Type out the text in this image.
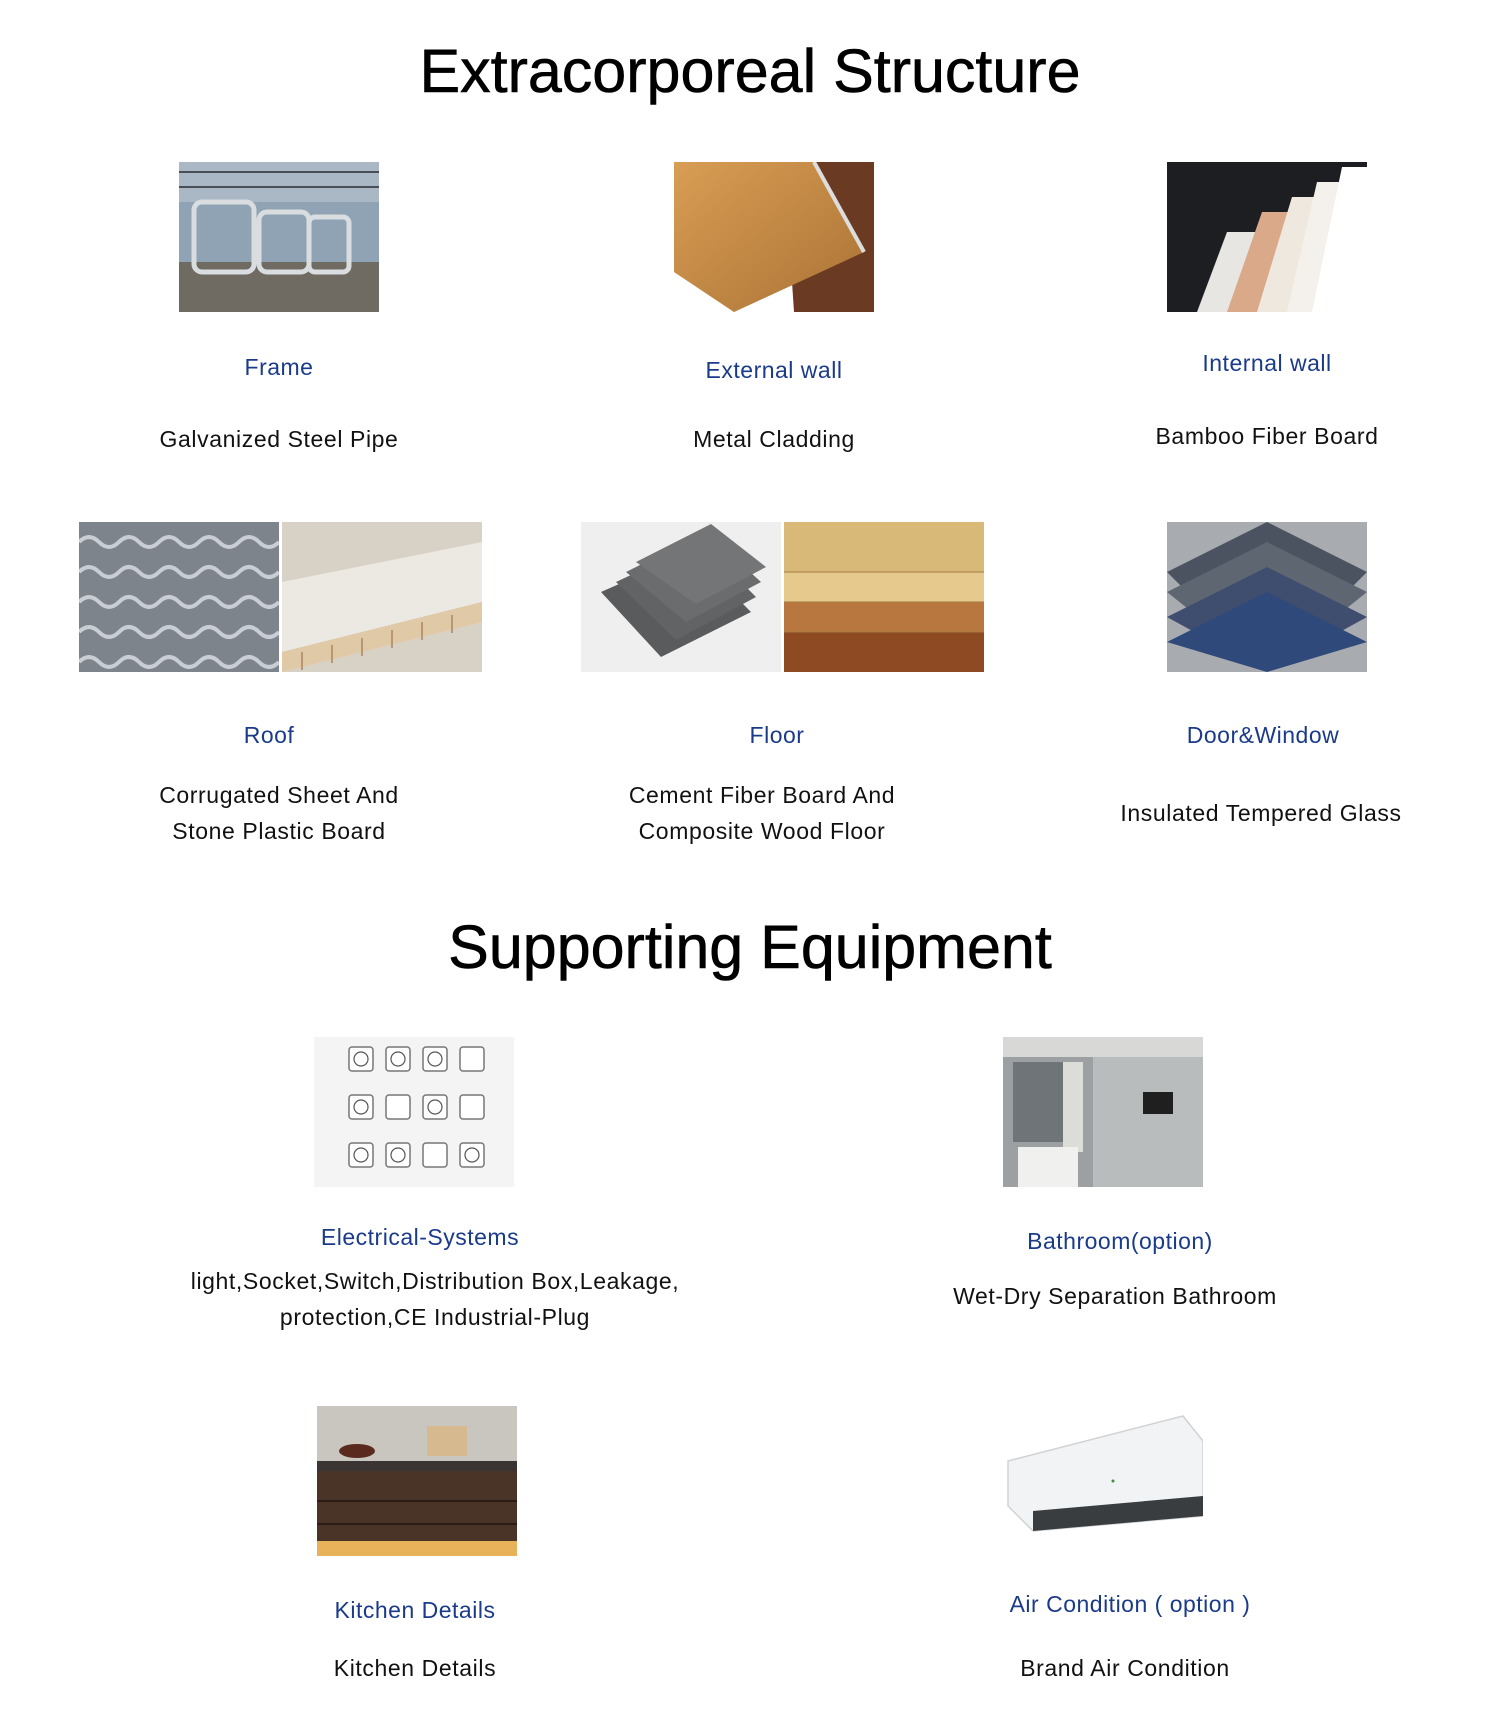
Extracorporeal Structure
Frame
Galvanized Steel Pipe
External wall
Metal Cladding
Internal wall
Bamboo Fiber Board
Roof
Corrugated Sheet And
Stone Plastic Board
Floor
Cement Fiber Board And
Composite Wood Floor
Door&Window
Insulated Tempered Glass
Supporting Equipment
Electrical-Systems
light,Socket,Switch,Distribution Box,Leakage,
protection,CE Industrial-Plug
Bathroom(option)
Wet-Dry Separation Bathroom
Kitchen Details
Kitchen Details
Air Condition ( option )
Brand Air Condition
